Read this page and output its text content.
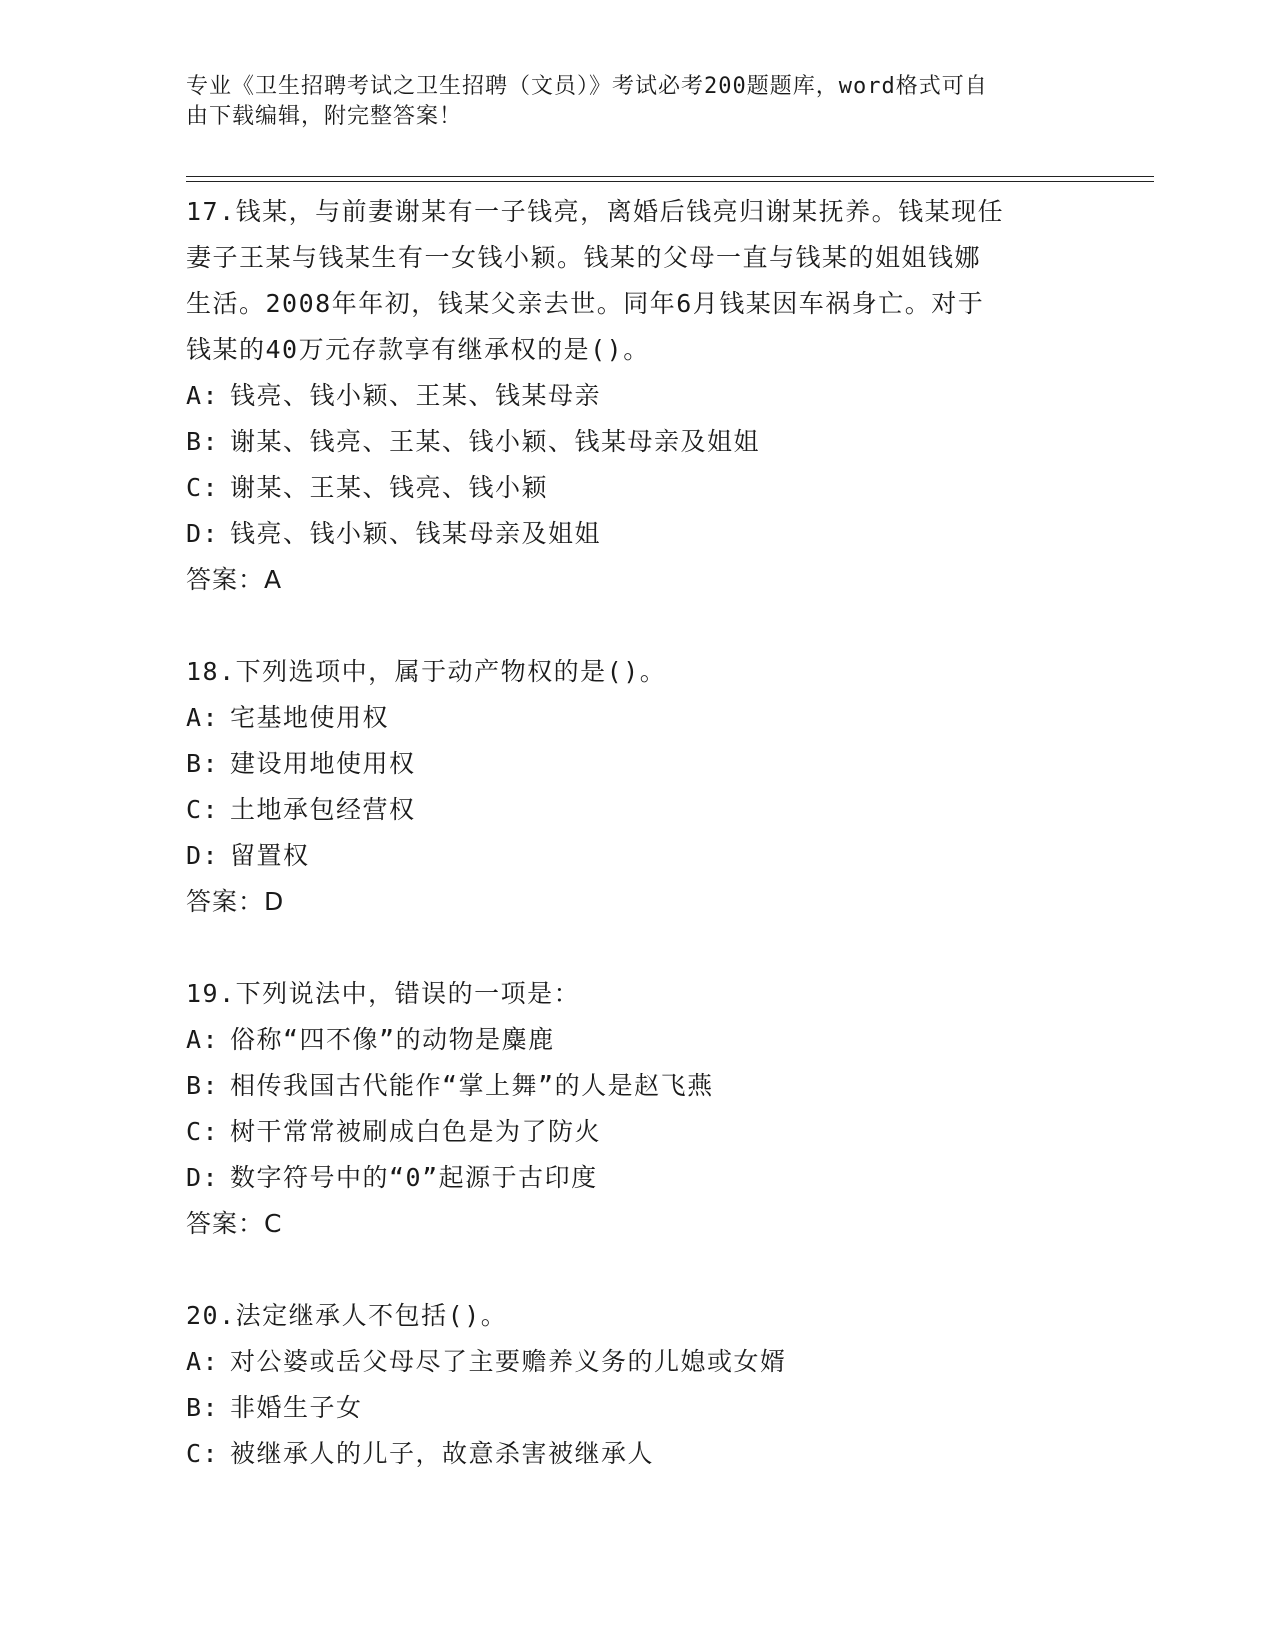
专业《卫生招聘考试之卫生招聘（文员）》考试必考200题题库，word格式可自
由下载编辑，附完整答案！

17.钱某，与前妻谢某有一子钱亮，离婚后钱亮归谢某抚养。钱某现任

妻子王某与钱某生有一女钱小颖。钱某的父母一直与钱某的姐姐钱娜

生活。2008年年初，钱某父亲去世。同年6月钱某因车祸身亡。对于

钱某的40万元存款享有继承权的是()。

A: 钱亮、钱小颖、王某、钱某母亲

B: 谢某、钱亮、王某、钱小颖、钱某母亲及姐姐

C: 谢某、王某、钱亮、钱小颖

D: 钱亮、钱小颖、钱某母亲及姐姐

答案：A

18.下列选项中，属于动产物权的是()。

A: 宅基地使用权

B: 建设用地使用权

C: 土地承包经营权

D: 留置权

答案：D

19.下列说法中，错误的一项是：

A: 俗称“四不像”的动物是麋鹿

B: 相传我国古代能作“掌上舞”的人是赵飞燕

C: 树干常常被刷成白色是为了防火

D: 数字符号中的“0”起源于古印度

答案：C

20.法定继承人不包括()。

A: 对公婆或岳父母尽了主要赡养义务的儿媳或女婿

B: 非婚生子女

C: 被继承人的儿子，故意杀害被继承人
